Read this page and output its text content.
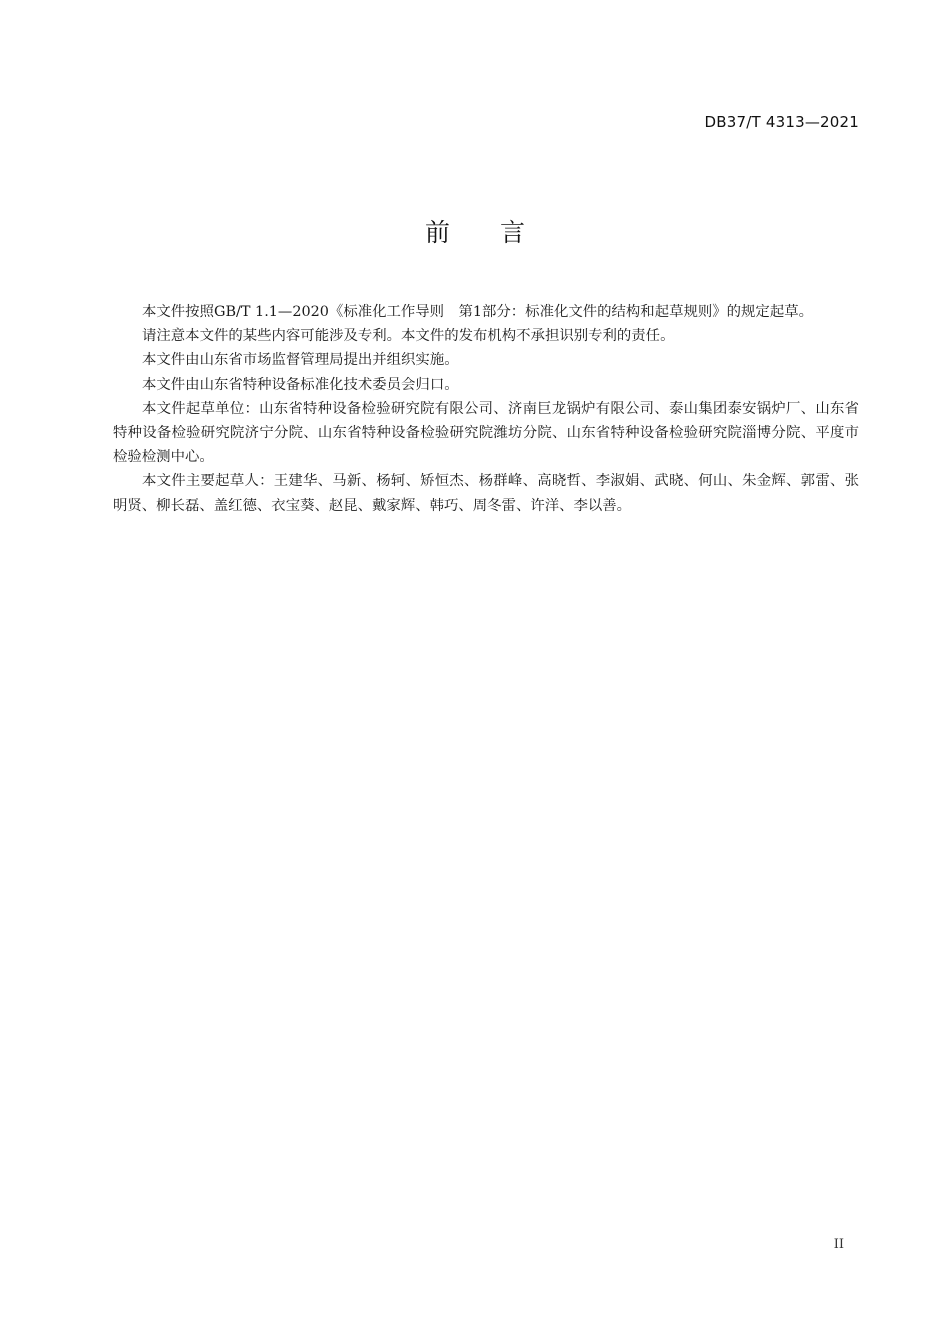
DB37/T 4313—2021
前 言

本文件按照GB/T 1.1—2020《标准化工作导则　第1部分：标准化文件的结构和起草规则》的规定起草。

请注意本文件的某些内容可能涉及专利。本文件的发布机构不承担识别专利的责任。

本文件由山东省市场监督管理局提出并组织实施。

本文件由山东省特种设备标准化技术委员会归口。

本文件起草单位：山东省特种设备检验研究院有限公司、济南巨龙锅炉有限公司、泰山集团泰安锅炉厂、山东省特种设备检验研究院济宁分院、山东省特种设备检验研究院潍坊分院、山东省特种设备检验研究院淄博分院、平度市检验检测中心。

本文件主要起草人：王建华、马新、杨轲、矫恒杰、杨群峰、高晓哲、李淑娟、武晓、何山、朱金辉、郭雷、张明贤、柳长磊、盖红德、衣宝葵、赵昆、戴家辉、韩巧、周冬雷、许洋、李以善。

II
